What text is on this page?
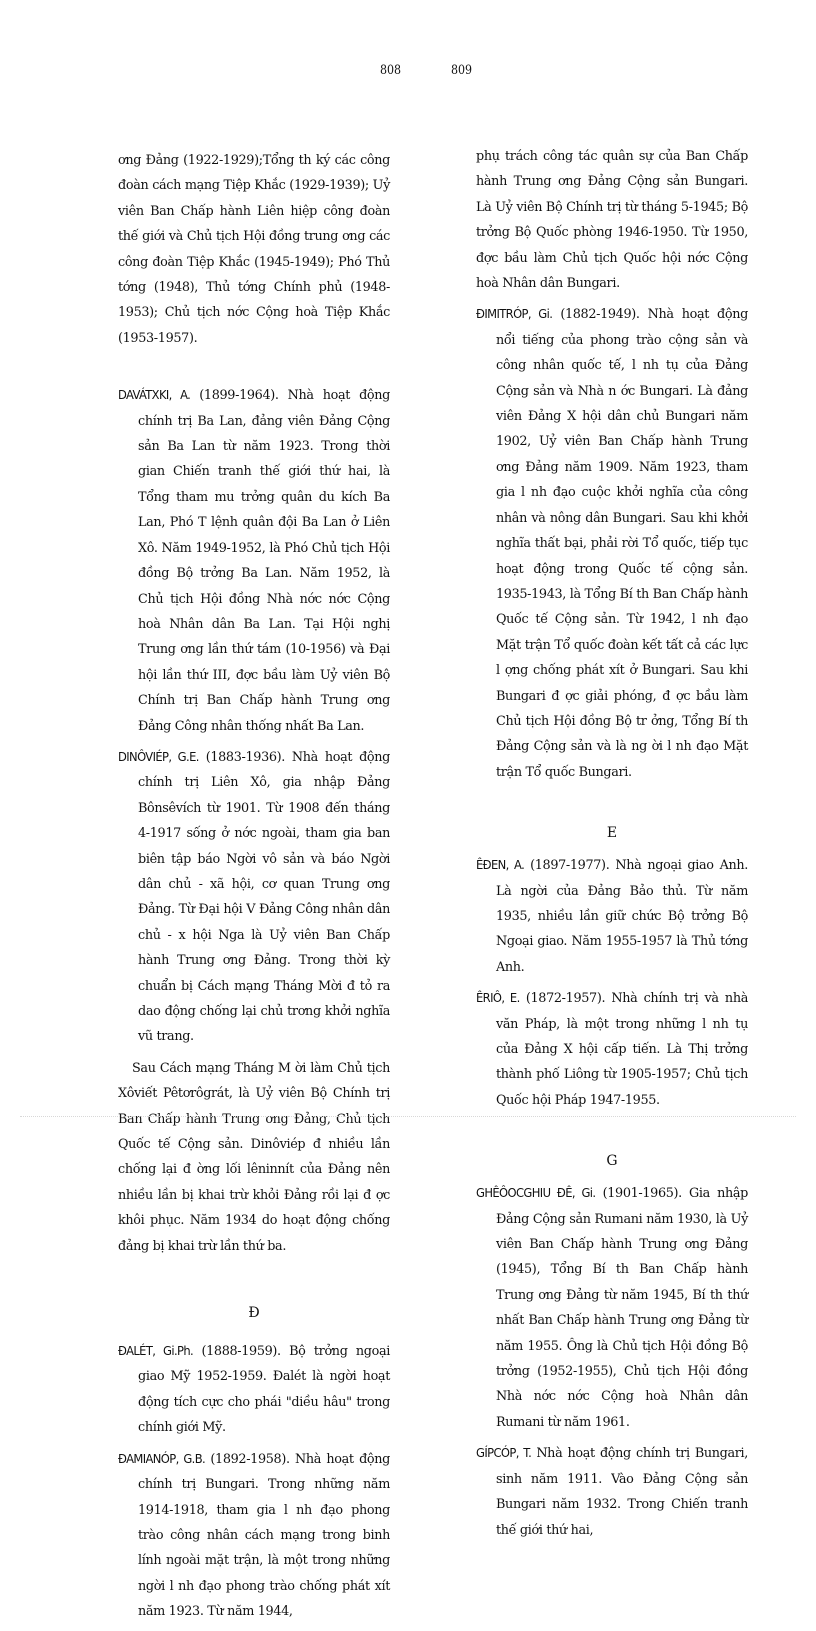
808	809

ơng Đảng (1922-1929);Tổng th ký các công đoàn cách mạng Tiệp Khắc (1929-1939); Uỷ viên Ban Chấp hành Liên hiệp công đoàn thế giới và Chủ tịch Hội đồng trung ơng các công đoàn Tiệp Khắc (1945-1949); Phó Thủ tớng (1948), Thủ tớng Chính phủ (1948-1953); Chủ tịch nớc Cộng hoà Tiệp Khắc (1953-1957).

DAVÁTXKI, A. (1899-1964). Nhà hoạt động chính trị Ba Lan, đảng viên Đảng Cộng sản Ba Lan từ năm 1923. Trong thời gian Chiến tranh thế giới thứ hai, là Tổng tham mu trởng quân du kích Ba Lan, Phó T lệnh quân đội Ba Lan ở Liên Xô. Năm 1949-1952, là Phó Chủ tịch Hội đồng Bộ trởng Ba Lan. Năm 1952, là Chủ tịch Hội đồng Nhà nớc nớc Cộng hoà Nhân dân Ba Lan. Tại Hội nghị Trung ơng lần thứ tám (10-1956) và Đại hội lần thứ III, đợc bầu làm Uỷ viên Bộ Chính trị Ban Chấp hành Trung ơng Đảng Công nhân thống nhất Ba Lan.

DINÔVIÉP, G.E. (1883-1936). Nhà hoạt động chính trị Liên Xô, gia nhập Đảng Bônsêvích từ 1901. Từ 1908 đến tháng 4-1917 sống ở nớc ngoài, tham gia ban biên tập báo Ngời vô sản và báo Ngời dân chủ - xã hội, cơ quan Trung ơng Đảng. Từ Đại hội V Đảng Công nhân dân chủ - x hội Nga là Uỷ viên Ban Chấp hành Trung ơng Đảng. Trong thời kỳ chuẩn bị Cách mạng Tháng Mời đ tỏ ra dao động chống lại chủ trơng khởi nghĩa vũ trang.

Sau Cách mạng Tháng M ời làm Chủ tịch Xôviết Pêtơrôgrát, là Uỷ viên Bộ Chính trị Ban Chấp hành Trung ơng Đảng, Chủ tịch Quốc tế Cộng sản. Dinôviép đ nhiều lần chống lại đ ờng lối lêninnít của Đảng nên nhiều lần bị khai trừ khỏi Đảng rồi lại đ ợc khôi phục. Năm 1934 do hoạt động chống đảng bị khai trừ lần thứ ba.

Đ

ĐALÉT, Gi.Ph. (1888-1959). Bộ trởng ngoại giao Mỹ 1952-1959. Đalét là ngời hoạt động tích cực cho phái "diều hâu" trong chính giới Mỹ.

ĐAMIANÓP, G.B. (1892-1958). Nhà hoạt động chính trị Bungari. Trong những năm 1914-1918, tham gia l nh đạo phong trào công nhân cách mạng trong binh lính ngoài mặt trận, là một trong những ngời l nh đạo phong trào chống phát xít năm 1923. Từ năm 1944,

phụ trách công tác quân sự của Ban Chấp hành Trung ơng Đảng Cộng sản Bungari. Là Uỷ viên Bộ Chính trị từ tháng 5-1945; Bộ trởng Bộ Quốc phòng 1946-1950. Từ 1950, đợc bầu làm Chủ tịch Quốc hội nớc Cộng hoà Nhân dân Bungari.

ĐIMITRÓP, Gi. (1882-1949). Nhà hoạt động nổi tiếng của phong trào cộng sản và công nhân quốc tế, l nh tụ của Đảng Cộng sản và Nhà n ớc Bungari. Là đảng viên Đảng X hội dân chủ Bungari năm 1902, Uỷ viên Ban Chấp hành Trung ơng Đảng năm 1909. Năm 1923, tham gia l nh đạo cuộc khởi nghĩa của công nhân và nông dân Bungari. Sau khi khởi nghĩa thất bại, phải rời Tổ quốc, tiếp tục hoạt động trong Quốc tế cộng sản. 1935-1943, là Tổng Bí th Ban Chấp hành Quốc tế Cộng sản. Từ 1942, l nh đạo Mặt trận Tổ quốc đoàn kết tất cả các lực l ợng chống phát xít ở Bungari. Sau khi Bungari đ ợc giải phóng, đ ợc bầu làm Chủ tịch Hội đồng Bộ tr ởng, Tổng Bí th Đảng Cộng sản và là ng ời l nh đạo Mặt trận Tổ quốc Bungari.

E

ÊĐEN, A. (1897-1977). Nhà ngoại giao Anh. Là ngời của Đảng Bảo thủ. Từ năm 1935, nhiều lần giữ chức Bộ trởng Bộ Ngoại giao. Năm 1955-1957 là Thủ tớng Anh.

ÊRIÔ, E. (1872-1957). Nhà chính trị và nhà văn Pháp, là một trong những l nh tụ của Đảng X hội cấp tiến. Là Thị trởng thành phố Liông từ 1905-1957; Chủ tịch Quốc hội Pháp 1947-1955.

G

GHÊÔOCGHIU ĐÊ, Gi. (1901-1965). Gia nhập Đảng Cộng sản Rumani năm 1930, là Uỷ viên Ban Chấp hành Trung ơng Đảng (1945), Tổng Bí th Ban Chấp hành Trung ơng Đảng từ năm 1945, Bí th thứ nhất Ban Chấp hành Trung ơng Đảng từ năm 1955. Ông là Chủ tịch Hội đồng Bộ trởng (1952-1955), Chủ tịch Hội đồng Nhà nớc nớc Cộng hoà Nhân dân Rumani từ năm 1961.

GÍPCÓP, T. Nhà hoạt động chính trị Bungari, sinh năm 1911. Vào Đảng Cộng sản Bungari năm 1932. Trong Chiến tranh thế giới thứ hai,
